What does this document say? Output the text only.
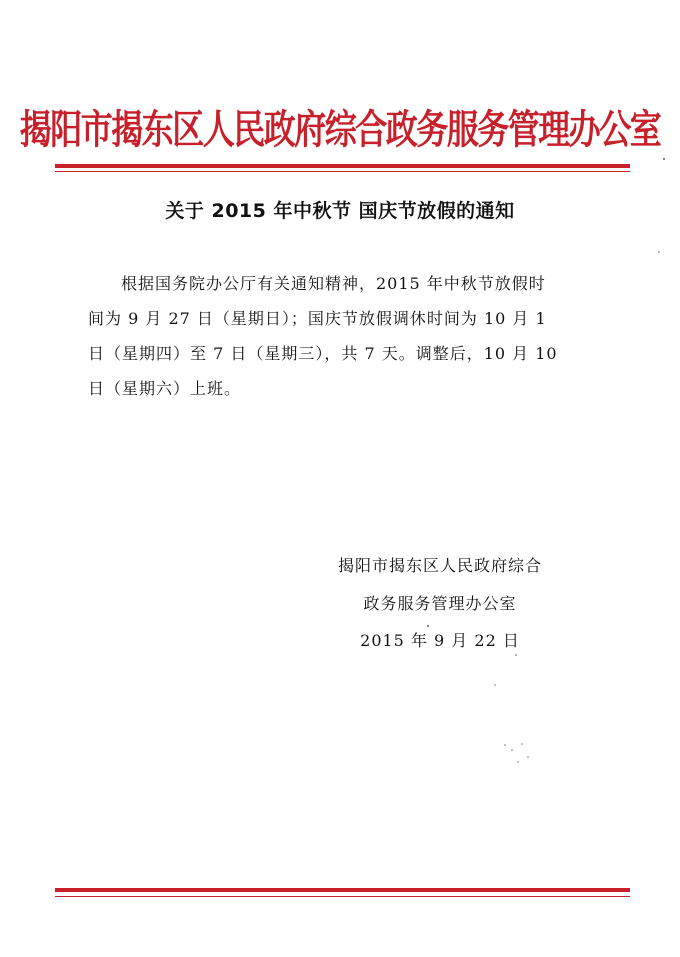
揭阳市揭东区人民政府综合政务服务管理办公室
关于 2015 年中秋节 国庆节放假的通知
根据国务院办公厅有关通知精神，2015 年中秋节放假时
间为 9 月 27 日（星期日）；国庆节放假调休时间为 10 月 1
日（星期四）至 7 日（星期三），共 7 天。调整后，10 月 10
日（星期六）上班。
揭阳市揭东区人民政府综合
政务服务管理办公室
2015 年 9 月 22 日
